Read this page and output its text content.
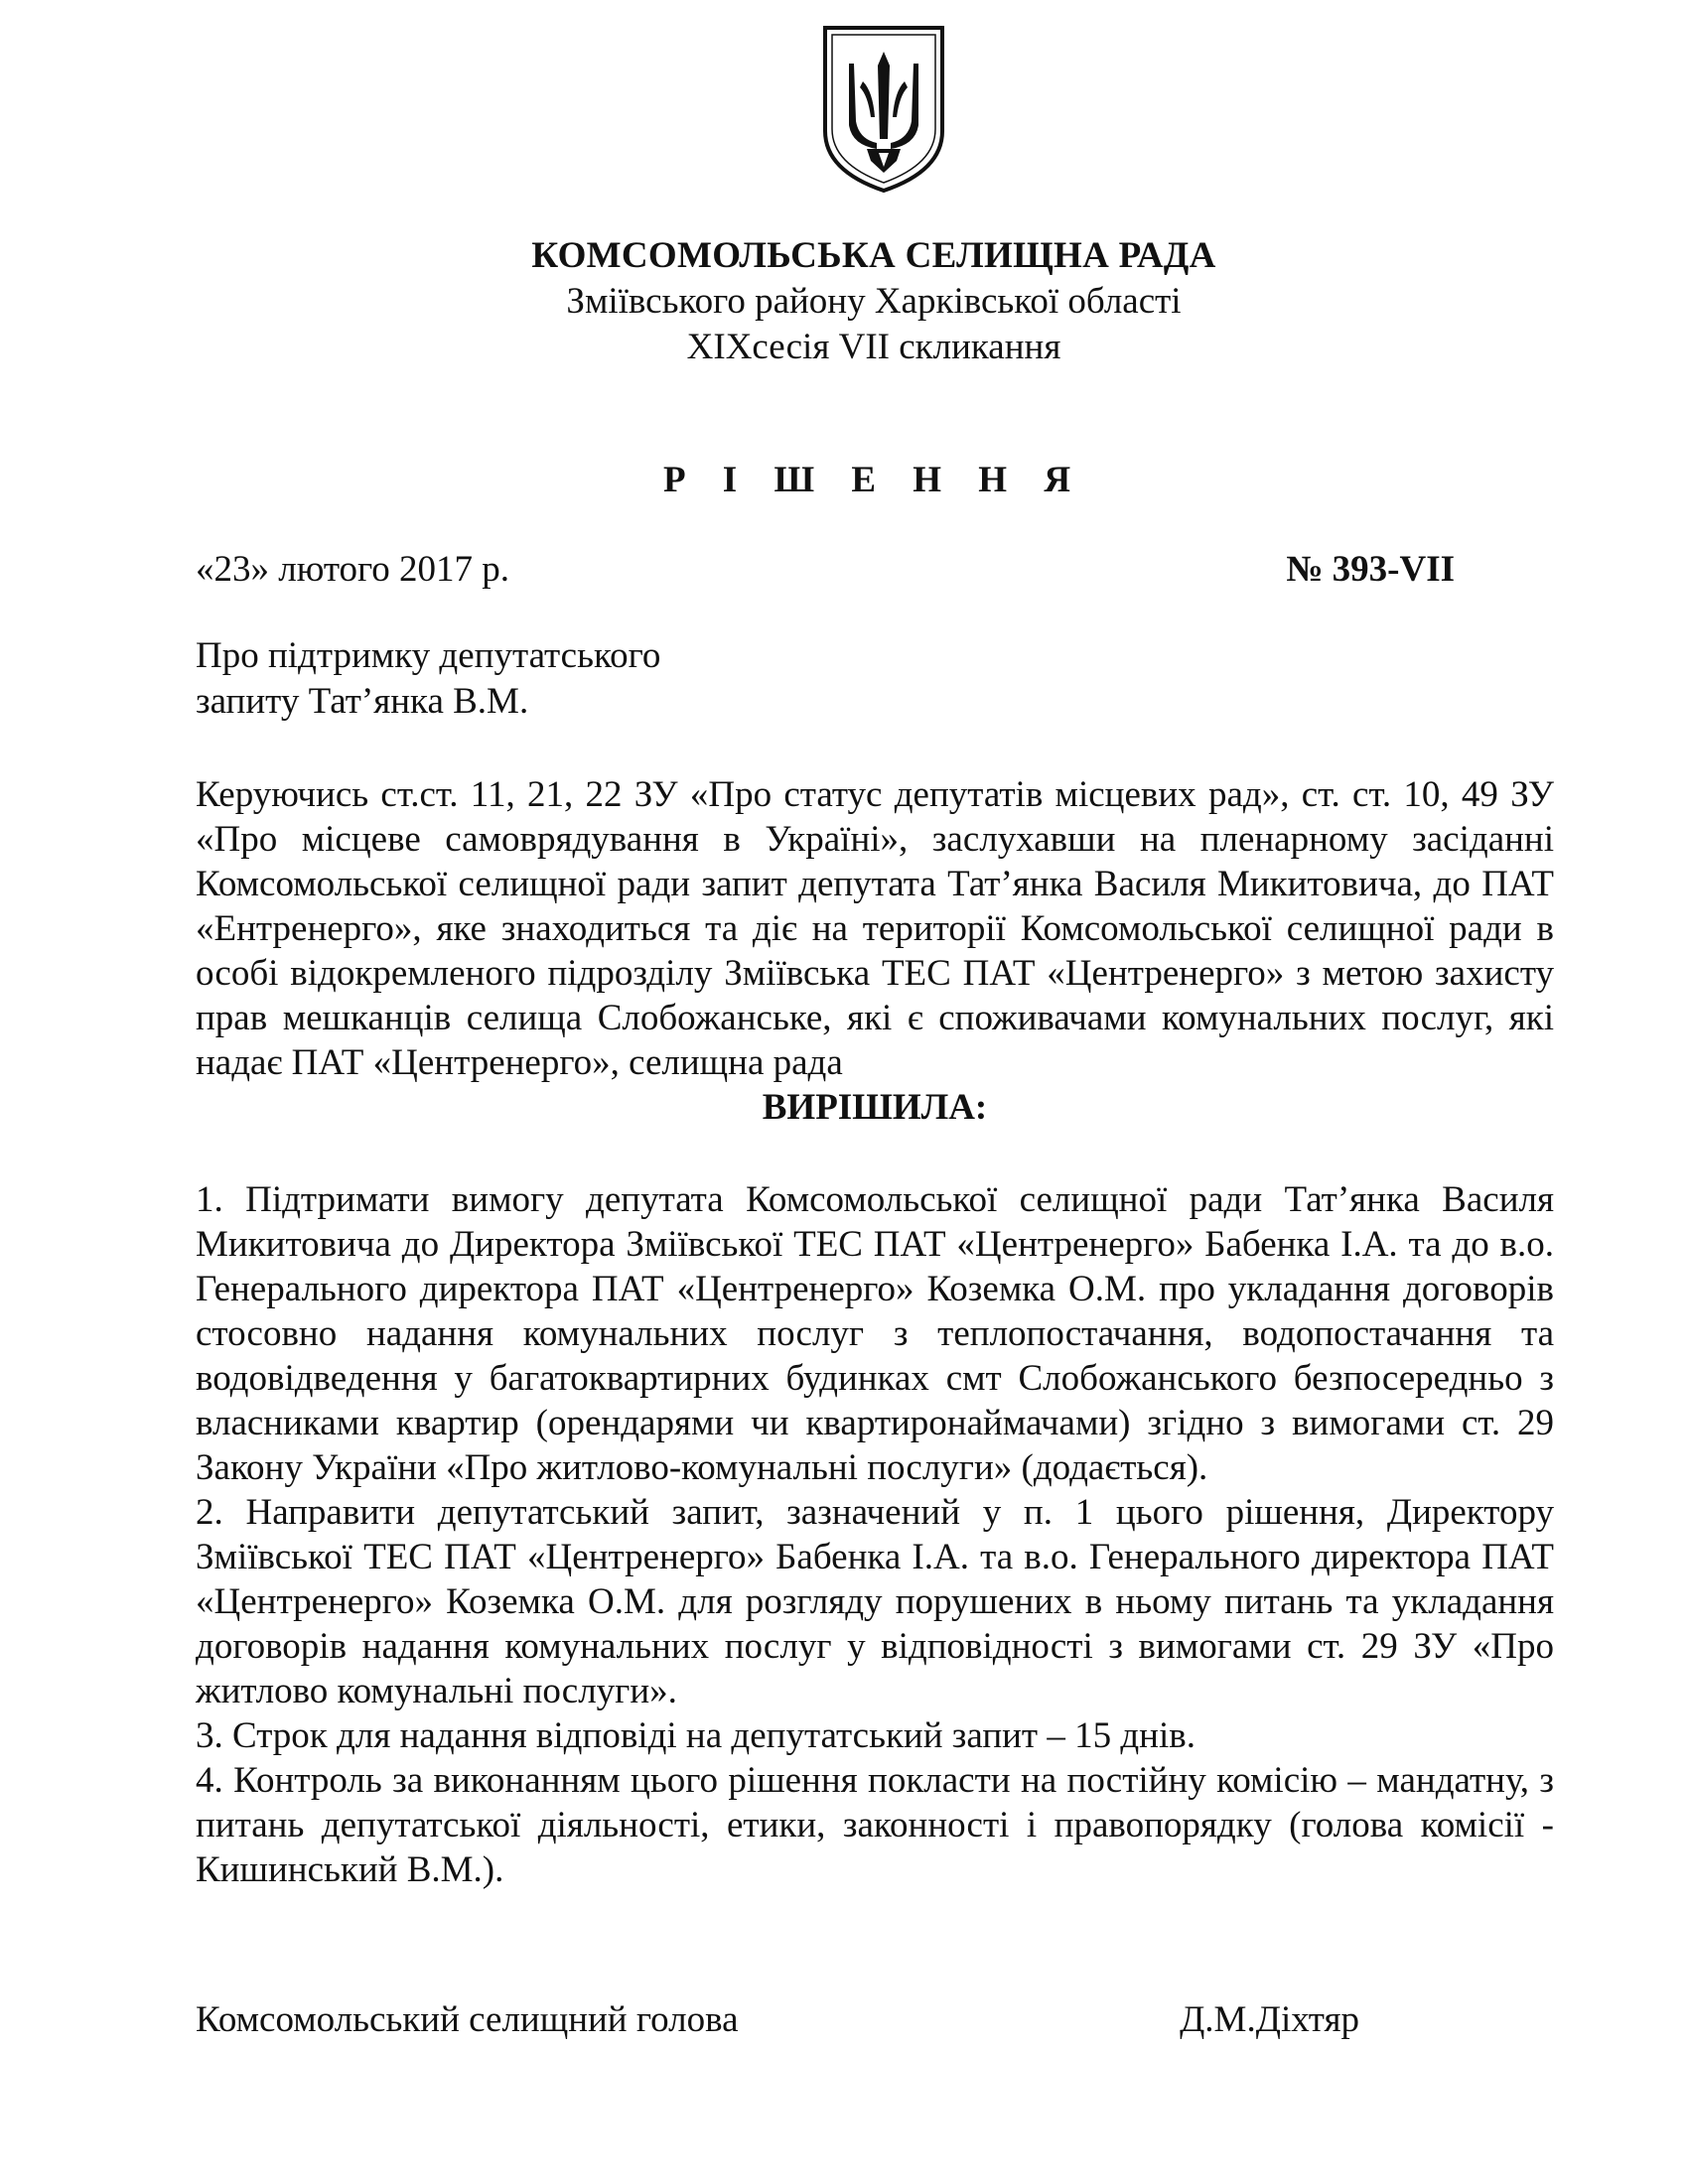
КОМСОМОЛЬСЬКА СЕЛИЩНА РАДА
Зміївського району Харківської області
XIXсесія VII скликання
Р І Ш Е Н Н Я
«23» лютого 2017 р.	№ 393-VII
Про підтримку депутатського
запиту Тат’янка В.М.

Керуючись ст.ст. 11, 21, 22 ЗУ «Про статус депутатів місцевих рад», ст. ст. 10, 49 ЗУ «Про місцеве самоврядування в Україні», заслухавши на пленарному засіданні Комсомольської селищної ради запит депутата Тат’янка Василя Микитовича, до ПАТ «Ентренерго», яке знаходиться та діє на території Комсомольської селищної ради в особі відокремленого підрозділу Зміївська ТЕС ПАТ «Центренерго» з метою захисту прав мешканців селища Слобожанське, які є споживачами комунальних послуг, які надає ПАТ «Центренерго», селищна рада

ВИРІШИЛА:

1. Підтримати вимогу депутата Комсомольської селищної ради Тат’янка Василя Микитовича до Директора Зміївської ТЕС ПАТ «Центренерго» Бабенка І.А. та до в.о. Генерального директора ПАТ «Центренерго» Коземка О.М. про укладання договорів стосовно надання комунальних послуг з теплопостачання, водопостачання та водовідведення у багатоквартирних будинках смт Слобожанського безпосередньо з власниками квартир (орендарями чи квартиронаймачами) згідно з вимогами ст. 29 Закону України «Про житлово-комунальні послуги» (додається).

2. Направити депутатський запит, зазначений у п. 1 цього рішення, Директору Зміївської ТЕС ПАТ «Центренерго» Бабенка І.А. та в.о. Генерального директора ПАТ «Центренерго» Коземка О.М. для розгляду порушених в ньому питань та укладання договорів надання комунальних послуг у відповідності з вимогами ст. 29 ЗУ «Про житлово комунальні послуги».

3. Строк для надання відповіді на депутатський запит – 15 днів.

4. Контроль за виконанням цього рішення покласти на постійну комісію – мандатну, з питань депутатської діяльності, етики, законності і правопорядку (голова комісії - Кишинський В.М.).

Комсомольський селищний голова	Д.М.Діхтяр
